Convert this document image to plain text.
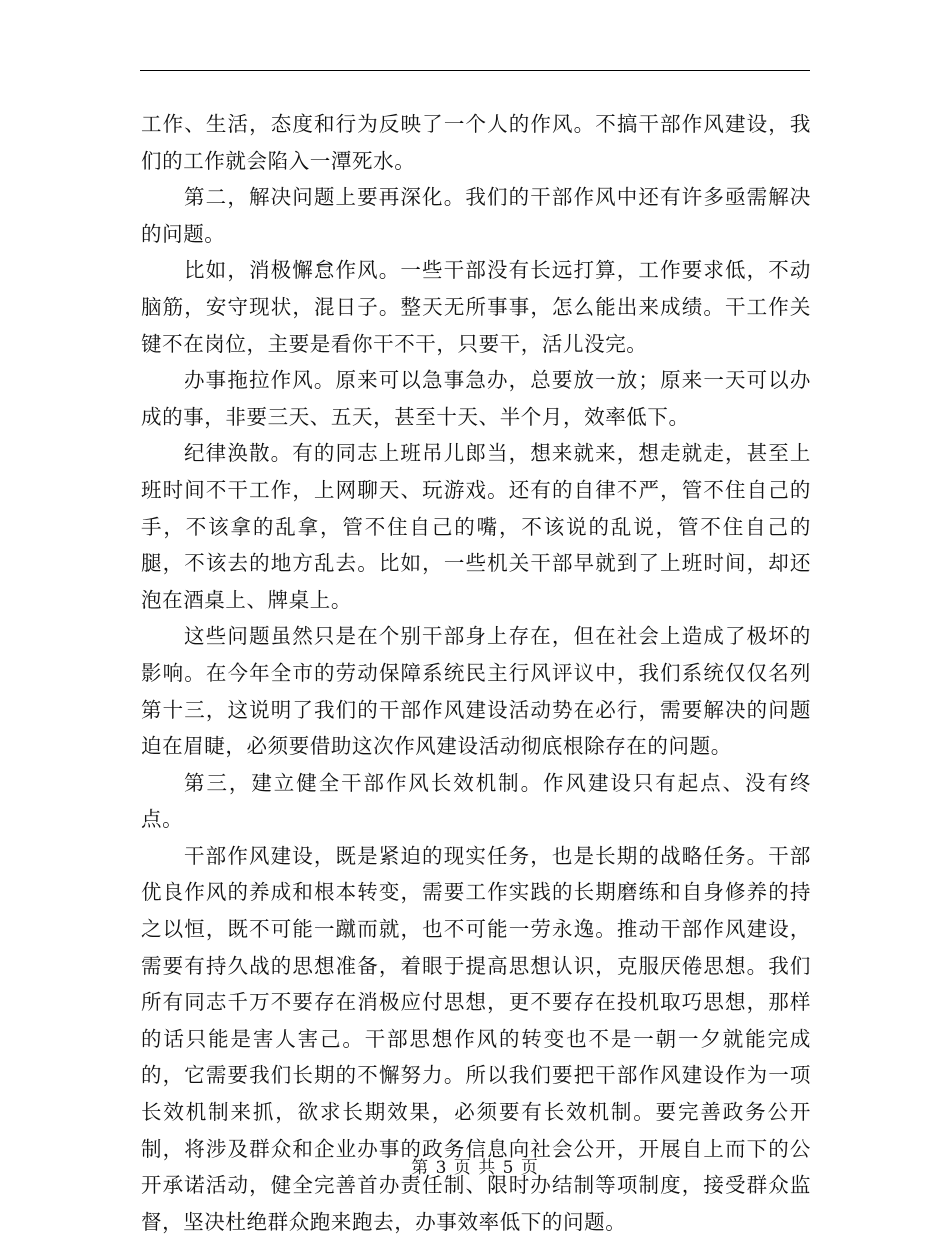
工作、生活，态度和行为反映了一个人的作风。不搞干部作风建设，我们的工作就会陷入一潭死水。

第二，解决问题上要再深化。我们的干部作风中还有许多亟需解决的问题。

比如，消极懈怠作风。一些干部没有长远打算，工作要求低，不动脑筋，安守现状，混日子。整天无所事事，怎么能出来成绩。干工作关键不在岗位，主要是看你干不干，只要干，活儿没完。

办事拖拉作风。原来可以急事急办，总要放一放；原来一天可以办成的事，非要三天、五天，甚至十天、半个月，效率低下。

纪律涣散。有的同志上班吊儿郎当，想来就来，想走就走，甚至上班时间不干工作，上网聊天、玩游戏。还有的自律不严，管不住自己的手，不该拿的乱拿，管不住自己的嘴，不该说的乱说，管不住自己的腿，不该去的地方乱去。比如，一些机关干部早就到了上班时间，却还泡在酒桌上、牌桌上。

这些问题虽然只是在个别干部身上存在，但在社会上造成了极坏的影响。在今年全市的劳动保障系统民主行风评议中，我们系统仅仅名列第十三，这说明了我们的干部作风建设活动势在必行，需要解决的问题迫在眉睫，必须要借助这次作风建设活动彻底根除存在的问题。

第三，建立健全干部作风长效机制。作风建设只有起点、没有终点。

干部作风建设，既是紧迫的现实任务，也是长期的战略任务。干部优良作风的养成和根本转变，需要工作实践的长期磨练和自身修养的持之以恒，既不可能一蹴而就，也不可能一劳永逸。推动干部作风建设，需要有持久战的思想准备，着眼于提高思想认识，克服厌倦思想。我们所有同志千万不要存在消极应付思想，更不要存在投机取巧思想，那样的话只能是害人害己。干部思想作风的转变也不是一朝一夕就能完成的，它需要我们长期的不懈努力。所以我们要把干部作风建设作为一项长效机制来抓，欲求长期效果，必须要有长效机制。要完善政务公开制，将涉及群众和企业办事的政务信息向社会公开，开展自上而下的公开承诺活动，健全完善首办责任制、限时办结制等项制度，接受群众监督，坚决杜绝群众跑来跑去，办事效率低下的问题。

第 3 页 共 5 页
